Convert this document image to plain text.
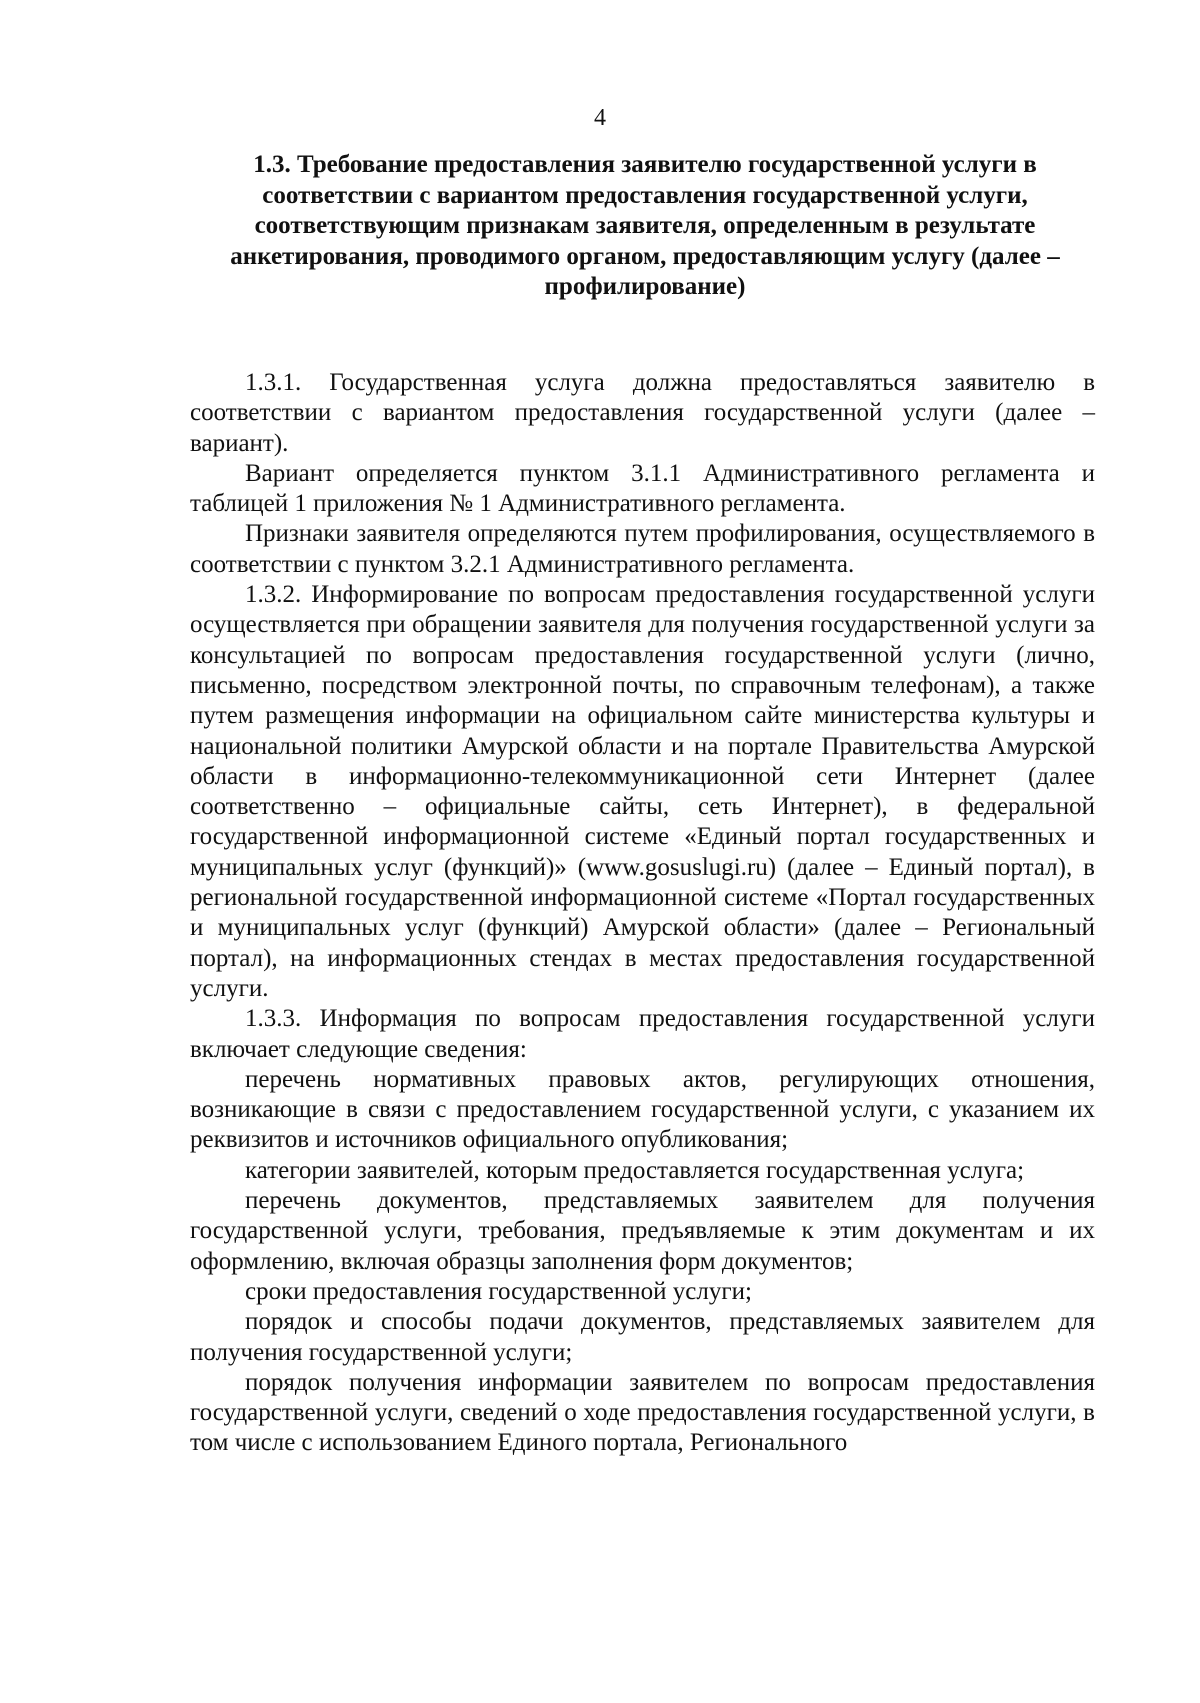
4
1.3. Требование предоставления заявителю государственной услуги в соответствии с вариантом предоставления государственной услуги, соответствующим признакам заявителя, определенным в результате анкетирования, проводимого органом, предоставляющим услугу (далее – профилирование)

1.3.1. Государственная услуга должна предоставляться заявителю в соответствии с вариантом предоставления государственной услуги (далее – вариант).

Вариант определяется пунктом 3.1.1 Административного регламента и таблицей 1 приложения № 1 Административного регламента.

Признаки заявителя определяются путем профилирования, осуществляемого в соответствии с пунктом 3.2.1 Административного регламента.

1.3.2. Информирование по вопросам предоставления государственной услуги осуществляется при обращении заявителя для получения государственной услуги за консультацией по вопросам предоставления государственной услуги (лично, письменно, посредством электронной почты, по справочным телефонам), а также путем размещения информации на официальном сайте министерства культуры и национальной политики Амурской области и на портале Правительства Амурской области в информационно-телекоммуникационной сети Интернет (далее соответственно – официальные сайты, сеть Интернет), в федеральной государственной информационной системе «Единый портал государственных и муниципальных услуг (функций)» (www.gosuslugi.ru) (далее – Единый портал), в региональной государственной информационной системе «Портал государственных и муниципальных услуг (функций) Амурской области» (далее – Региональный портал), на информационных стендах в местах предоставления государственной услуги.

1.3.3. Информация по вопросам предоставления государственной услуги включает следующие сведения:

перечень нормативных правовых актов, регулирующих отношения, возникающие в связи с предоставлением государственной услуги, с указанием их реквизитов и источников официального опубликования;

категории заявителей, которым предоставляется государственная услуга;

перечень документов, представляемых заявителем для получения государственной услуги, требования, предъявляемые к этим документам и их оформлению, включая образцы заполнения форм документов;

сроки предоставления государственной услуги;

порядок и способы подачи документов, представляемых заявителем для получения государственной услуги;

порядок получения информации заявителем по вопросам предоставления государственной услуги, сведений о ходе предоставления государственной услуги, в том числе с использованием Единого портала, Регионального
